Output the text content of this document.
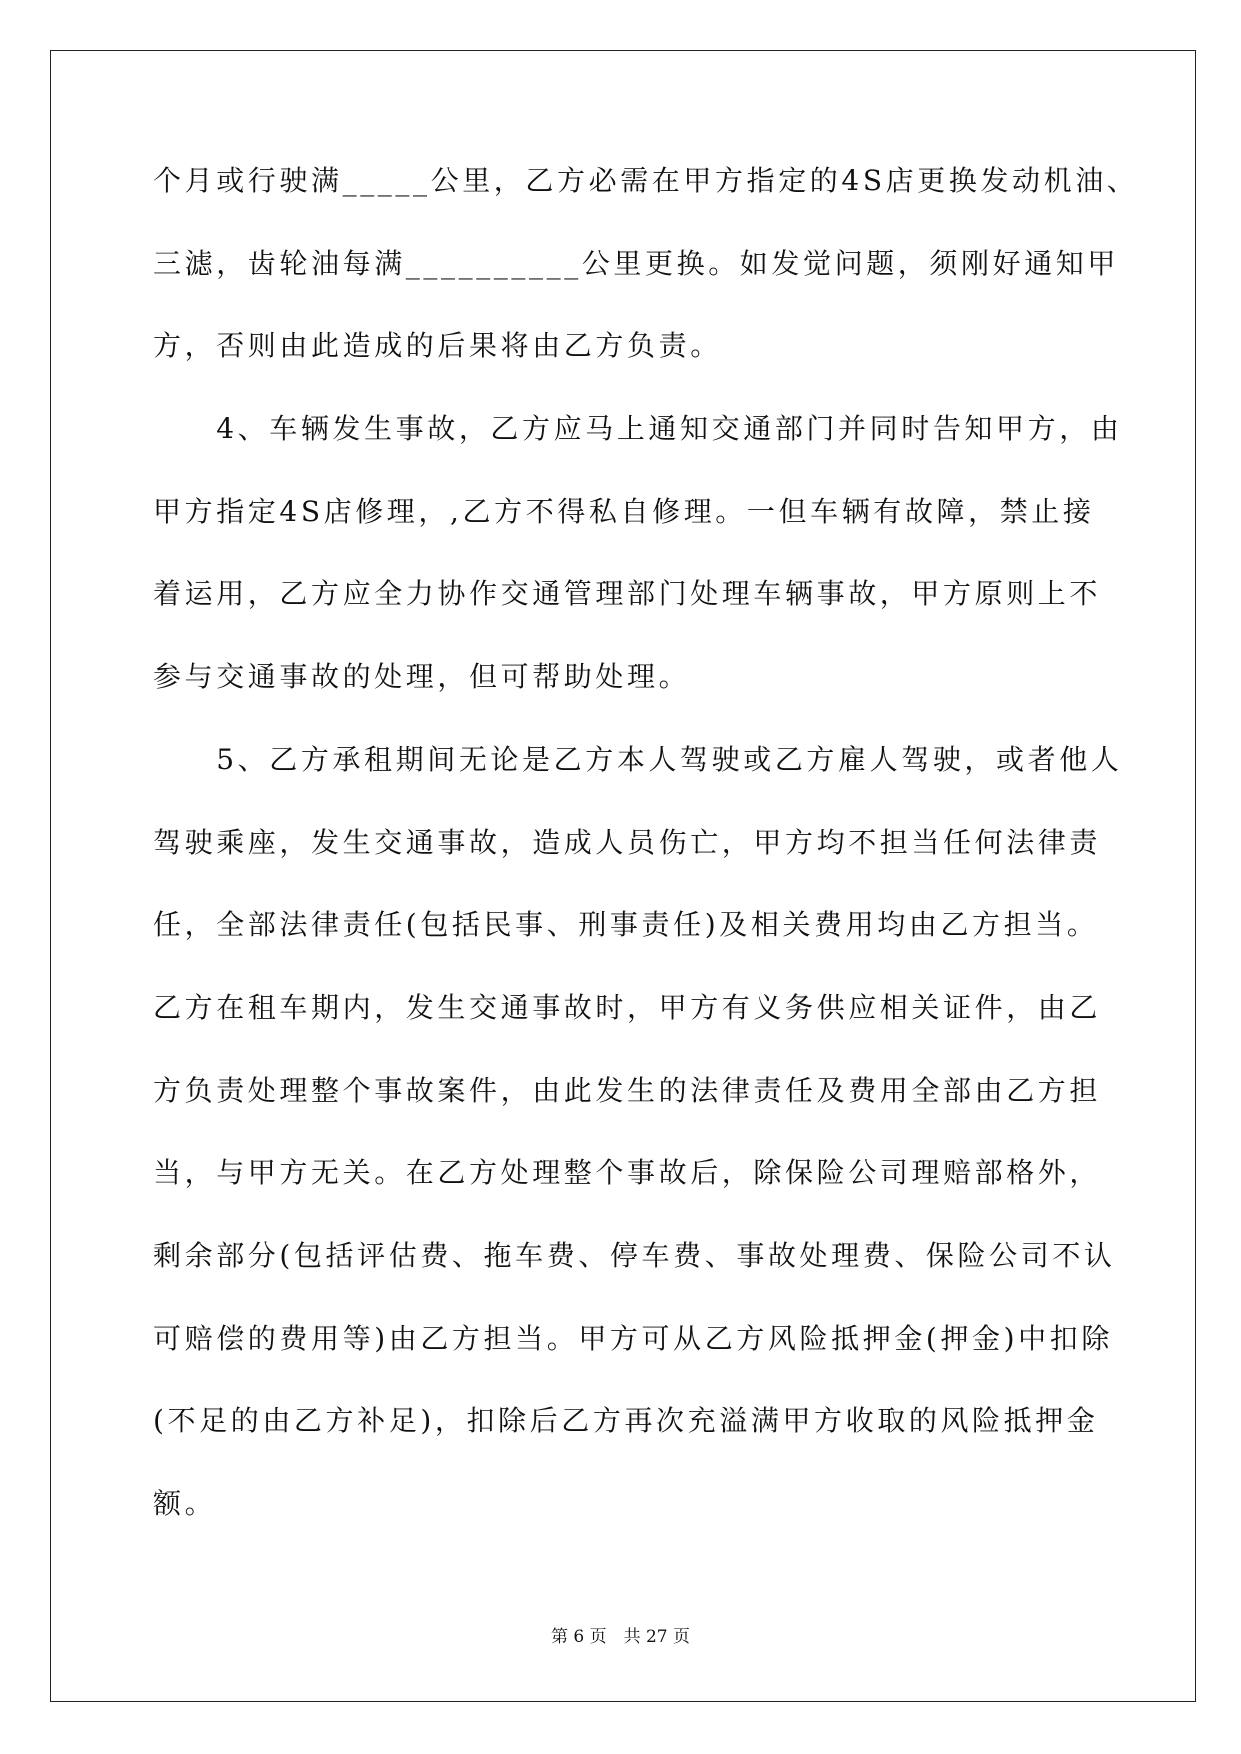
个月或行驶满_____公里，乙方必需在甲方指定的4S店更换发动机油、
三滤，齿轮油每满__________公里更换。如发觉问题，须刚好通知甲
方，否则由此造成的后果将由乙方负责。
　　4、车辆发生事故，乙方应马上通知交通部门并同时告知甲方，由
甲方指定4S店修理，,乙方不得私自修理。一但车辆有故障，禁止接
着运用，乙方应全力协作交通管理部门处理车辆事故，甲方原则上不
参与交通事故的处理，但可帮助处理。
　　5、乙方承租期间无论是乙方本人驾驶或乙方雇人驾驶，或者他人
驾驶乘座，发生交通事故，造成人员伤亡，甲方均不担当任何法律责
任，全部法律责任(包括民事、刑事责任)及相关费用均由乙方担当。
乙方在租车期内，发生交通事故时，甲方有义务供应相关证件，由乙
方负责处理整个事故案件，由此发生的法律责任及费用全部由乙方担
当，与甲方无关。在乙方处理整个事故后，除保险公司理赔部格外，
剩余部分(包括评估费、拖车费、停车费、事故处理费、保险公司不认
可赔偿的费用等)由乙方担当。甲方可从乙方风险抵押金(押金)中扣除
(不足的由乙方补足)，扣除后乙方再次充溢满甲方收取的风险抵押金
额。
第 6 页　共 27 页
